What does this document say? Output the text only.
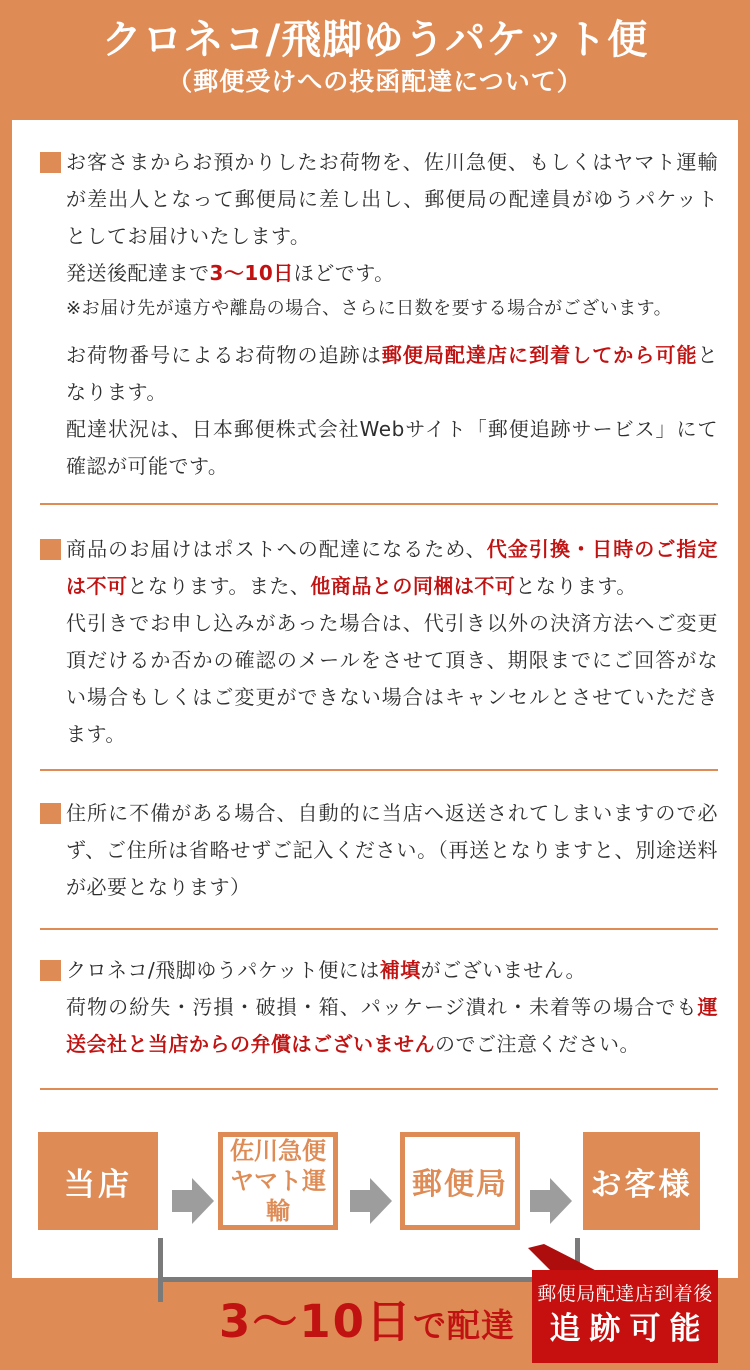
クロネコ/飛脚ゆうパケット便
（郵便受けへの投函配達について）
お客さまからお預かりしたお荷物を、佐川急便、もしくはヤマト運輸が差出人となって郵便局に差し出し、郵便局の配達員がゆうパケットとしてお届けいたします。
発送後配達まで3～10日ほどです。
※お届け先が遠方や離島の場合、さらに日数を要する場合がございます。
お荷物番号によるお荷物の追跡は郵便局配達店に到着してから可能となります。
配達状況は、日本郵便株式会社Webサイト「郵便追跡サービス」にて確認が可能です。
商品のお届けはポストへの配達になるため、代金引換・日時のご指定は不可となります。また、他商品との同梱は不可となります。
代引きでお申し込みがあった場合は、代引き以外の決済方法へご変更頂だけるか否かの確認のメールをさせて頂き、期限までにご回答がない場合もしくはご変更ができない場合はキャンセルとさせていただきます。
住所に不備がある場合、自動的に当店へ返送されてしまいますので必ず、ご住所は省略せずご記入ください。（再送となりますと、別途送料が必要となります）
クロネコ/飛脚ゆうパケット便には補填がございません。
荷物の紛失・汚損・破損・箱、パッケージ潰れ・未着等の場合でも運送会社と当店からの弁償はございませんのでご注意ください。
当店
佐川急便
ヤマト運輸
郵便局	お客様
郵便局配達店到着後
追跡可能
3～10日で配達
